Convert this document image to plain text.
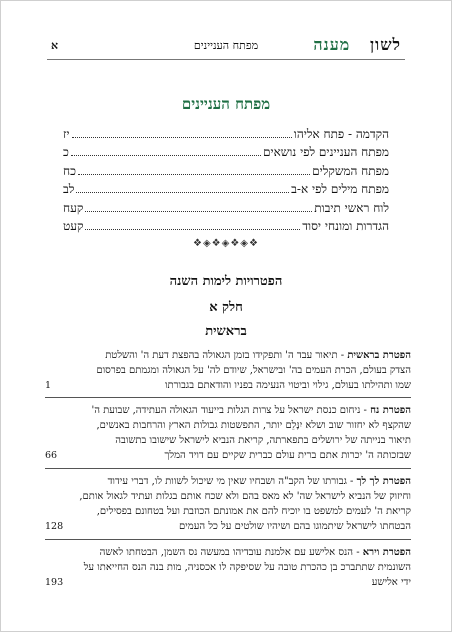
א	מפתח העניינים	לשון   מענה
מפתח העניינים
הקדמה - פתח אליהו
יז
מפתח העניינים לפי נושאים
כ
מפתח המשקלים
כח
מפתח מילים לפי א-ב
לב
לוח ראשי תיבות
קעח
הגדרות ומונחי יסוד
קעט
❖◈❖◈❖◈❖
הפטרויות לימות השנה
חלק א
בראשית
הפטרת בראשית - תיאור עבד ה' ותפקידו בזמן הגאולה בהפצת דעת ה' והשלטת
הצדק בעולם, הכרת העמים בה' ובישראל, שיודם לה' על הגאולה ומגמתם בפרסום
שמו ותהילתו בעולם, גילוי וביטוי הנעימה בפניו והודאתם בגבורתו
1
הפטרת נח - ניחום כנסת ישראל על צרות הגלות בייעוד הגאולה העתידה, שבועת ה'
שהקצף לא יחזור שוב ושלא יִנָּלֵם יותר, התפשטות גבולות הארץ והרחבות באנשים,
תיאור בנייתה של ירושלים בתפארתה, קריאת הנביא לישראל שישובו בתשובה
שבזכותה ה' יכרות אתם ברית עולם כברית שקיים עם דויד המלך
66
הפטרת לך לך - גבורתו של הקב"ה ושבחיו שאין מי שיכול לשוות לו, דברי עידוד
וחיזוק של הנביא לישראל שה' לא מאס בהם ולא שכח אותם בגלות ועתיד לגאול אותם,
קריאת ה' לעמים למשפט בו יוכיח להם את אמונתם הכוזבת ועל בטחונם בפסילים,
הבטחתו לישראל שיתמוגו בהם ושיהיו שולטים על כל העמים
128
הפטרת וירא - הנס אלישע עם אלמנת עובדיהו במעשה נס השמן, הבטחתו לאשה
השונמית שתתברכ בן כהכרת טובה על שסיפקה לו אכסניה, מות בנה הנס החייאתו על
ידי אלישע
193
